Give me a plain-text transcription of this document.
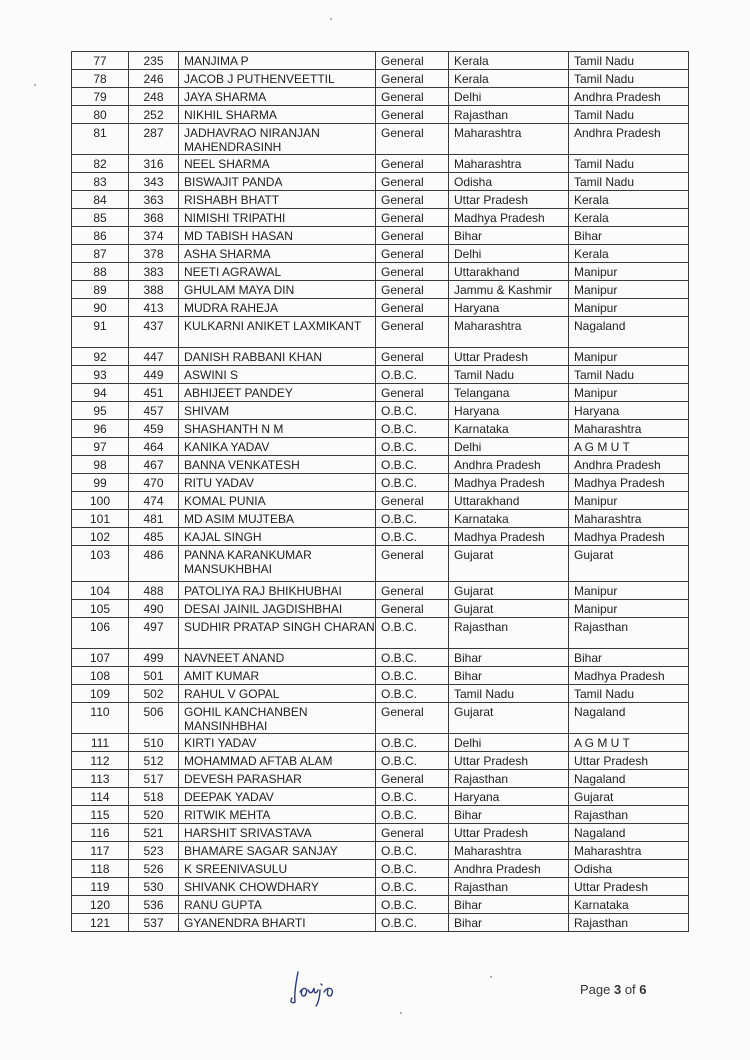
77	235	MANJIMA P	General	Kerala	Tamil Nadu
78	246	JACOB J PUTHENVEETTIL	General	Kerala	Tamil Nadu
79	248	JAYA SHARMA	General	Delhi	Andhra Pradesh
80	252	NIKHIL SHARMA	General	Rajasthan	Tamil Nadu
81	287	JADHAVRAO NIRANJAN MAHENDRASINH	General	Maharashtra	Andhra Pradesh
82	316	NEEL SHARMA	General	Maharashtra	Tamil Nadu
83	343	BISWAJIT PANDA	General	Odisha	Tamil Nadu
84	363	RISHABH BHATT	General	Uttar Pradesh	Kerala
85	368	NIMISHI TRIPATHI	General	Madhya Pradesh	Kerala
86	374	MD TABISH HASAN	General	Bihar	Bihar
87	378	ASHA SHARMA	General	Delhi	Kerala
88	383	NEETI AGRAWAL	General	Uttarakhand	Manipur
89	388	GHULAM MAYA DIN	General	Jammu & Kashmir	Manipur
90	413	MUDRA RAHEJA	General	Haryana	Manipur
91	437	KULKARNI ANIKET LAXMIKANT	General	Maharashtra	Nagaland
92	447	DANISH RABBANI KHAN	General	Uttar Pradesh	Manipur
93	449	ASWINI S	O.B.C.	Tamil Nadu	Tamil Nadu
94	451	ABHIJEET PANDEY	General	Telangana	Manipur
95	457	SHIVAM	O.B.C.	Haryana	Haryana
96	459	SHASHANTH N M	O.B.C.	Karnataka	Maharashtra
97	464	KANIKA YADAV	O.B.C.	Delhi	A G M U T
98	467	BANNA VENKATESH	O.B.C.	Andhra Pradesh	Andhra Pradesh
99	470	RITU YADAV	O.B.C.	Madhya Pradesh	Madhya Pradesh
100	474	KOMAL PUNIA	General	Uttarakhand	Manipur
101	481	MD ASIM MUJTEBA	O.B.C.	Karnataka	Maharashtra
102	485	KAJAL SINGH	O.B.C.	Madhya Pradesh	Madhya Pradesh
103	486	PANNA KARANKUMAR MANSUKHBHAI	General	Gujarat	Gujarat
104	488	PATOLIYA RAJ BHIKHUBHAI	General	Gujarat	Manipur
105	490	DESAI JAINIL JAGDISHBHAI	General	Gujarat	Manipur
106	497	SUDHIR PRATAP SINGH CHARAN	O.B.C.	Rajasthan	Rajasthan
107	499	NAVNEET ANAND	O.B.C.	Bihar	Bihar
108	501	AMIT KUMAR	O.B.C.	Bihar	Madhya Pradesh
109	502	RAHUL V GOPAL	O.B.C.	Tamil Nadu	Tamil Nadu
110	506	GOHIL KANCHANBEN MANSINHBHAI	General	Gujarat	Nagaland
111	510	KIRTI YADAV	O.B.C.	Delhi	A G M U T
112	512	MOHAMMAD AFTAB ALAM	O.B.C.	Uttar Pradesh	Uttar Pradesh
113	517	DEVESH PARASHAR	General	Rajasthan	Nagaland
114	518	DEEPAK YADAV	O.B.C.	Haryana	Gujarat
115	520	RITWIK MEHTA	O.B.C.	Bihar	Rajasthan
116	521	HARSHIT SRIVASTAVA	General	Uttar Pradesh	Nagaland
117	523	BHAMARE SAGAR SANJAY	O.B.C.	Maharashtra	Maharashtra
118	526	K SREENIVASULU	O.B.C.	Andhra Pradesh	Odisha
119	530	SHIVANK CHOWDHARY	O.B.C.	Rajasthan	Uttar Pradesh
120	536	RANU GUPTA	O.B.C.	Bihar	Karnataka
121	537	GYANENDRA BHARTI	O.B.C.	Bihar	Rajasthan
Page 3 of 6
